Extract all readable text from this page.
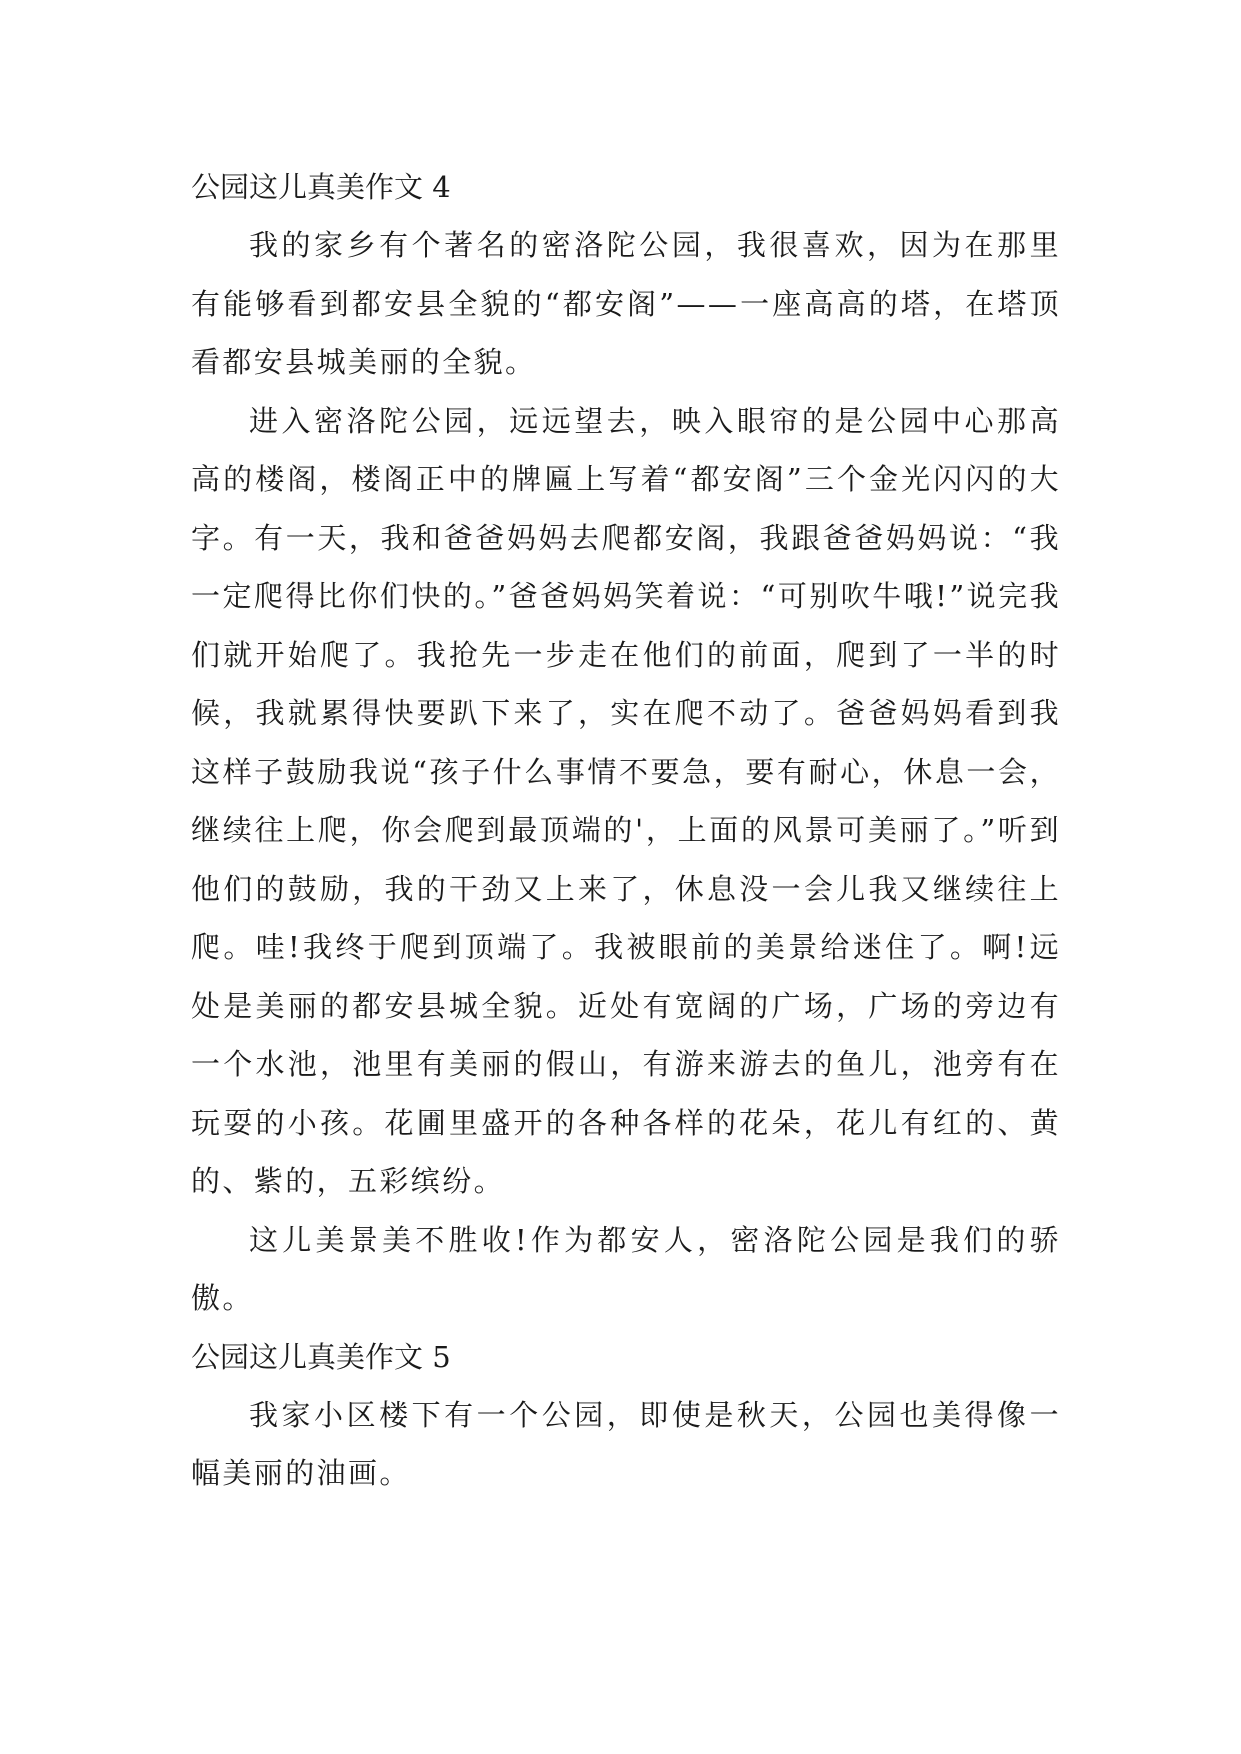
公园这儿真美作文 4

我的家乡有个著名的密洛陀公园，我很喜欢，因为在那里有能够看到都安县全貌的“都安阁”——一座高高的塔，在塔顶看都安县城美丽的全貌。

进入密洛陀公园，远远望去，映入眼帘的是公园中心那高高的楼阁，楼阁正中的牌匾上写着“都安阁”三个金光闪闪的大字。有一天，我和爸爸妈妈去爬都安阁，我跟爸爸妈妈说：“我一定爬得比你们快的。”爸爸妈妈笑着说：“可别吹牛哦!”说完我们就开始爬了。我抢先一步走在他们的前面，爬到了一半的时候，我就累得快要趴下来了，实在爬不动了。爸爸妈妈看到我这样子鼓励我说“孩子什么事情不要急，要有耐心，休息一会，继续往上爬，你会爬到最顶端的'，上面的风景可美丽了。”听到他们的鼓励，我的干劲又上来了，休息没一会儿我又继续往上爬。哇!我终于爬到顶端了。我被眼前的美景给迷住了。啊!远处是美丽的都安县城全貌。近处有宽阔的广场，广场的旁边有一个水池，池里有美丽的假山，有游来游去的鱼儿，池旁有在玩耍的小孩。花圃里盛开的各种各样的花朵，花儿有红的、黄的、紫的，五彩缤纷。

这儿美景美不胜收!作为都安人，密洛陀公园是我们的骄傲。

公园这儿真美作文 5

我家小区楼下有一个公园，即使是秋天，公园也美得像一幅美丽的油画。
